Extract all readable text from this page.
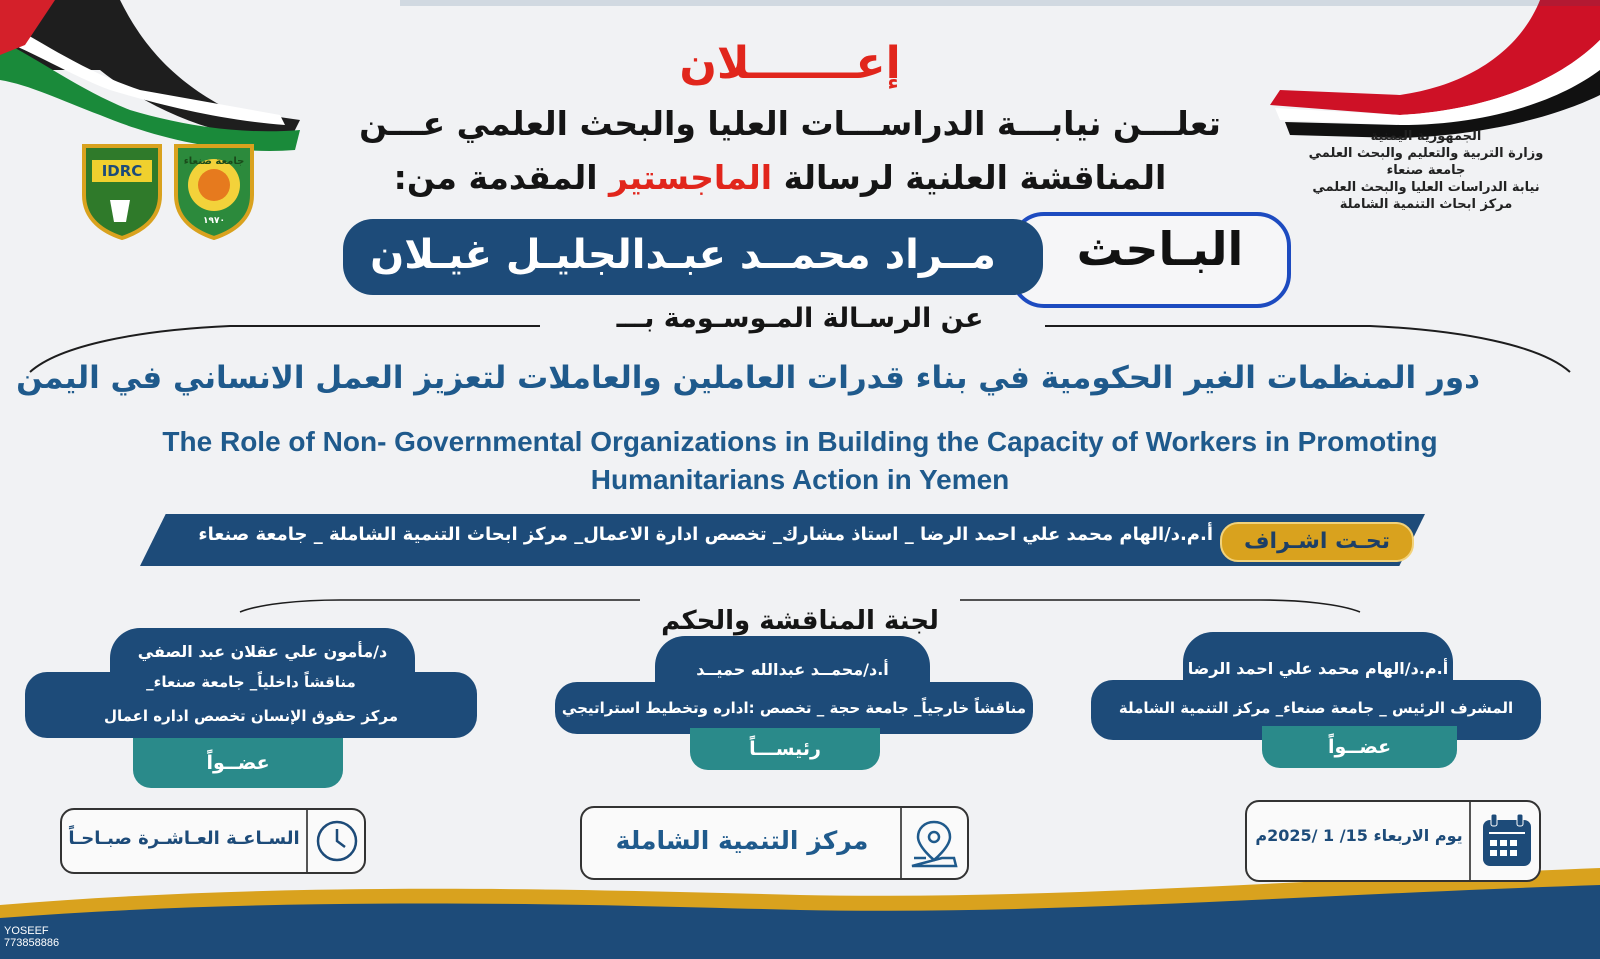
إعـــــــلان
تعلـــن نيابـــة الدراســـات العليا والبحث العلمي عـــن
المناقشة العلنية لرسالة الماجستير المقدمة من:
الجمهورية اليمنية
وزارة التربية والتعليم والبحث العلمي
جامعة صنعاء
نيابة الدراسات العليا والبحث العلمي
مركز ابحاث التنمية الشاملة
IDRC
جامعة صنعاء
١٩٧٠
البـاحث
مــراد محمــد عبـدالجليـل غيـلان
عن الرسـالة المـوسـومة بـــ
دور المنظمات الغير الحكومية في بناء قدرات العاملين والعاملات لتعزيز العمل الانساني في اليمن
The Role of Non- Governmental Organizations in Building the Capacity of Workers in Promoting
Humanitarians Action in Yemen
أ.م.د/الهام محمد علي احمد الرضا _ استاذ مشارك_ تخصص ادارة الاعمال_ مركز ابحاث التنمية الشاملة _ جامعة صنعاء	تحـت اشـراف
لجنة المناقشة والحكم
أ.م.د/الهام محمد علي احمد الرضا
المشرف الرئيس _ جامعة صنعاء_ مركز التنمية الشاملة
عضــواً
أ.د/محمــد عبدالله حميــد
مناقشاً خارجياً_ جامعة حجة _ تخصص :اداره وتخطيط استراتيجي
رئيســـاً
د/مأمون علي عقلان عبد الصفي
مناقشاً داخلياً_ جامعة صنعاء_
مركز حقوق الإنسان تخصص اداره اعمال
عضــواً
يوم الاربعاء 15/ 1 /2025م
مركز التنمية الشاملة
السـاعـة العـاشـرة صبـاحـاً
YOSEEF
773858886
